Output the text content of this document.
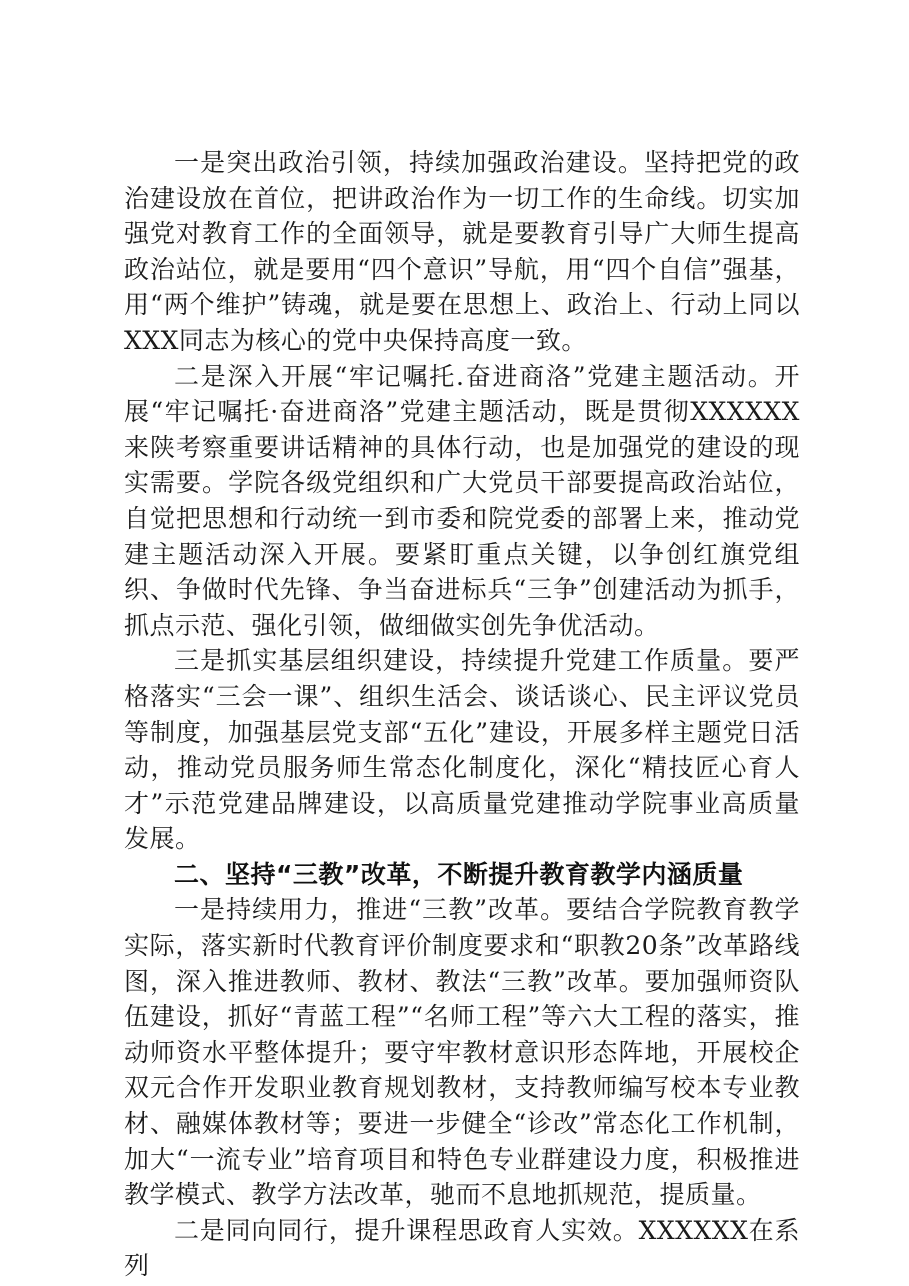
一是突出政治引领，持续加强政治建设。坚持把党的政治建设放在首位，把讲政治作为一切工作的生命线。切实加强党对教育工作的全面领导，就是要教育引导广大师生提高政治站位，就是要用“四个意识”导航，用“四个自信”强基，用“两个维护”铸魂，就是要在思想上、政治上、行动上同以XXX同志为核心的党中央保持高度一致。

二是深入开展“牢记嘱托.奋进商洛”党建主题活动。开展“牢记嘱托·奋进商洛”党建主题活动，既是贯彻XXXXXX来陕考察重要讲话精神的具体行动，也是加强党的建设的现实需要。学院各级党组织和广大党员干部要提高政治站位，自觉把思想和行动统一到市委和院党委的部署上来，推动党建主题活动深入开展。要紧盯重点关键，以争创红旗党组织、争做时代先锋、争当奋进标兵“三争”创建活动为抓手，抓点示范、强化引领，做细做实创先争优活动。

三是抓实基层组织建设，持续提升党建工作质量。要严格落实“三会一课”、组织生活会、谈话谈心、民主评议党员等制度，加强基层党支部“五化”建设，开展多样主题党日活动，推动党员服务师生常态化制度化，深化“精技匠心育人才”示范党建品牌建设，以高质量党建推动学院事业高质量发展。

二、坚持“三教”改革，不断提升教育教学内涵质量

一是持续用力，推进“三教”改革。要结合学院教育教学实际，落实新时代教育评价制度要求和“职教20条”改革路线图，深入推进教师、教材、教法“三教”改革。要加强师资队伍建设，抓好“青蓝工程”“名师工程”等六大工程的落实，推动师资水平整体提升；要守牢教材意识形态阵地，开展校企双元合作开发职业教育规划教材，支持教师编写校本专业教材、融媒体教材等；要进一步健全“诊改”常态化工作机制，加大“一流专业”培育项目和特色专业群建设力度，积极推进教学模式、教学方法改革，驰而不息地抓规范，提质量。

二是同向同行，提升课程思政育人实效。XXXXXX在系列
